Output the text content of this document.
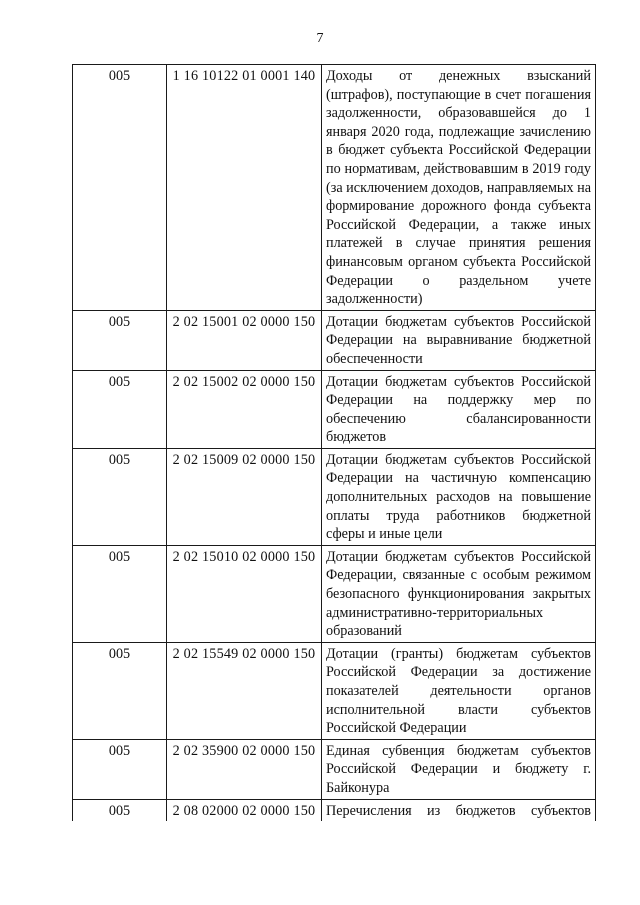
7
005	1 16 10122 01 0001 140	Доходы от денежных взысканий (штрафов), поступающие в счет погашения задолженности, образовавшейся до 1 января 2020 года, подлежащие зачислению в бюджет субъекта Российской Федерации по нормативам, действовавшим в 2019 году (за исключением доходов, направляемых на формирование дорожного фонда субъекта Российской Федерации, а также иных платежей в случае принятия решения финансовым органом субъекта Российской Федерации о раздельном учете задолженности)
005	2 02 15001 02 0000 150	Дотации бюджетам субъектов Российской Федерации на выравнивание бюджетной обеспеченности
005	2 02 15002 02 0000 150	Дотации бюджетам субъектов Российской Федерации на поддержку мер по обеспечению сбалансированности бюджетов
005	2 02 15009 02 0000 150	Дотации бюджетам субъектов Российской Федерации на частичную компенсацию дополнительных расходов на повышение оплаты труда работников бюджетной сферы и иные цели
005	2 02 15010 02 0000 150	Дотации бюджетам субъектов Российской Федерации, связанные с особым режимом безопасного функционирования закрытых административно-территориальных образований
005	2 02 15549 02 0000 150	Дотации (гранты) бюджетам субъектов Российской Федерации за достижение показателей деятельности органов исполнительной власти субъектов Российской Федерации
005	2 02 35900 02 0000 150	Единая субвенция бюджетам субъектов Российской Федерации и бюджету г. Байконура
005	2 08 02000 02 0000 150	Перечисления из бюджетов субъектов
